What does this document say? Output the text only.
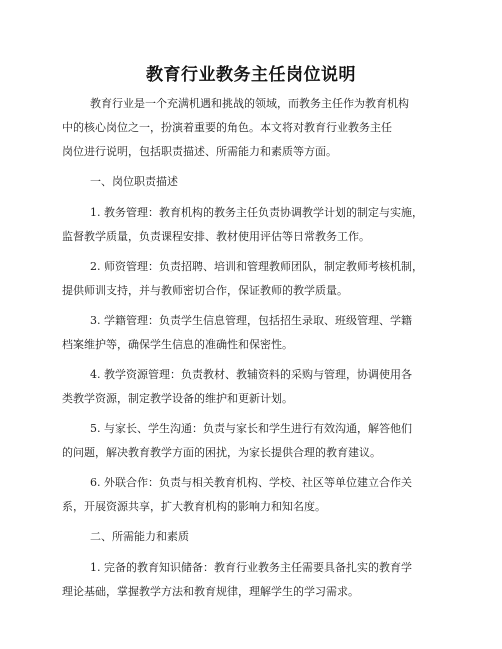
教育行业教务主任岗位说明
教育行业是一个充满机遇和挑战的领域，而教务主任作为教育机构
中的核心岗位之一，扮演着重要的角色。本文将对教育行业教务主任
岗位进行说明，包括职责描述、所需能力和素质等方面。
一、岗位职责描述
1. 教务管理：教育机构的教务主任负责协调教学计划的制定与实施，
监督教学质量，负责课程安排、教材使用评估等日常教务工作。
2. 师资管理：负责招聘、培训和管理教师团队，制定教师考核机制，
提供师训支持，并与教师密切合作，保证教师的教学质量。
3. 学籍管理：负责学生信息管理，包括招生录取、班级管理、学籍
档案维护等，确保学生信息的准确性和保密性。
4. 教学资源管理：负责教材、教辅资料的采购与管理，协调使用各
类教学资源，制定教学设备的维护和更新计划。
5. 与家长、学生沟通：负责与家长和学生进行有效沟通，解答他们
的问题，解决教育教学方面的困扰，为家长提供合理的教育建议。
6. 外联合作：负责与相关教育机构、学校、社区等单位建立合作关
系，开展资源共享，扩大教育机构的影响力和知名度。
二、所需能力和素质
1. 完备的教育知识储备：教育行业教务主任需要具备扎实的教育学
理论基础，掌握教学方法和教育规律，理解学生的学习需求。
